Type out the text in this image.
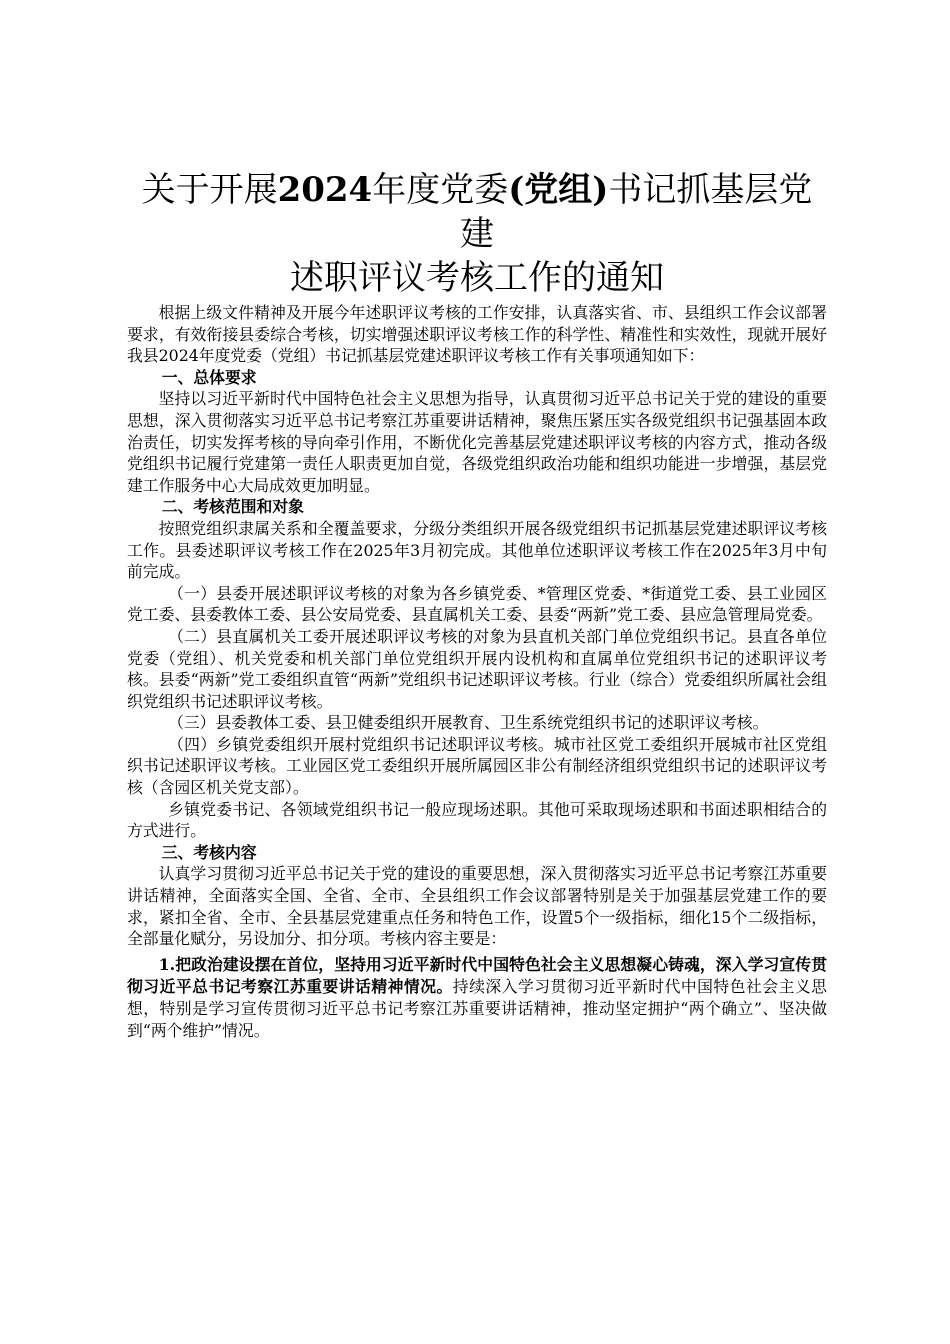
关于开展2024年度党委(党组)书记抓基层党建
述职评议考核工作的通知

根据上级文件精神及开展今年述职评议考核的工作安排，认真落实省、市、县组织工作会议部署要求，有效衔接县委综合考核，切实增强述职评议考核工作的科学性、精准性和实效性，现就开展好我县2024年度党委（党组）书记抓基层党建述职评议考核工作有关事项通知如下：

一、总体要求

坚持以习近平新时代中国特色社会主义思想为指导，认真贯彻习近平总书记关于党的建设的重要思想，深入贯彻落实习近平总书记考察江苏重要讲话精神，聚焦压紧压实各级党组织书记强基固本政治责任，切实发挥考核的导向牵引作用，不断优化完善基层党建述职评议考核的内容方式，推动各级党组织书记履行党建第一责任人职责更加自觉，各级党组织政治功能和组织功能进一步增强，基层党建工作服务中心大局成效更加明显。

二、考核范围和对象

按照党组织隶属关系和全覆盖要求，分级分类组织开展各级党组织书记抓基层党建述职评议考核工作。县委述职评议考核工作在2025年3月初完成。其他单位述职评议考核工作在2025年3月中旬前完成。

（一）县委开展述职评议考核的对象为各乡镇党委、*管理区党委、*街道党工委、县工业园区党工委、县委教体工委、县公安局党委、县直属机关工委、县委“两新”党工委、县应急管理局党委。

（二）县直属机关工委开展述职评议考核的对象为县直机关部门单位党组织书记。县直各单位党委（党组）、机关党委和机关部门单位党组织开展内设机构和直属单位党组织书记的述职评议考核。县委“两新”党工委组织直管“两新”党组织书记述职评议考核。行业（综合）党委组织所属社会组织党组织书记述职评议考核。

（三）县委教体工委、县卫健委组织开展教育、卫生系统党组织书记的述职评议考核。

（四）乡镇党委组织开展村党组织书记述职评议考核。城市社区党工委组织开展城市社区党组织书记述职评议考核。工业园区党工委组织开展所属园区非公有制经济组织党组织书记的述职评议考核（含园区机关党支部）。

乡镇党委书记、各领域党组织书记一般应现场述职。其他可采取现场述职和书面述职相结合的方式进行。

三、考核内容

认真学习贯彻习近平总书记关于党的建设的重要思想，深入贯彻落实习近平总书记考察江苏重要讲话精神，全面落实全国、全省、全市、全县组织工作会议部署特别是关于加强基层党建工作的要求，紧扣全省、全市、全县基层党建重点任务和特色工作，设置5个一级指标，细化15个二级指标，全部量化赋分，另设加分、扣分项。考核内容主要是：

1.把政治建设摆在首位，坚持用习近平新时代中国特色社会主义思想凝心铸魂，深入学习宣传贯彻习近平总书记考察江苏重要讲话精神情况。持续深入学习贯彻习近平新时代中国特色社会主义思想，特别是学习宣传贯彻习近平总书记考察江苏重要讲话精神，推动坚定拥护“两个确立”、坚决做到“两个维护”情况。
